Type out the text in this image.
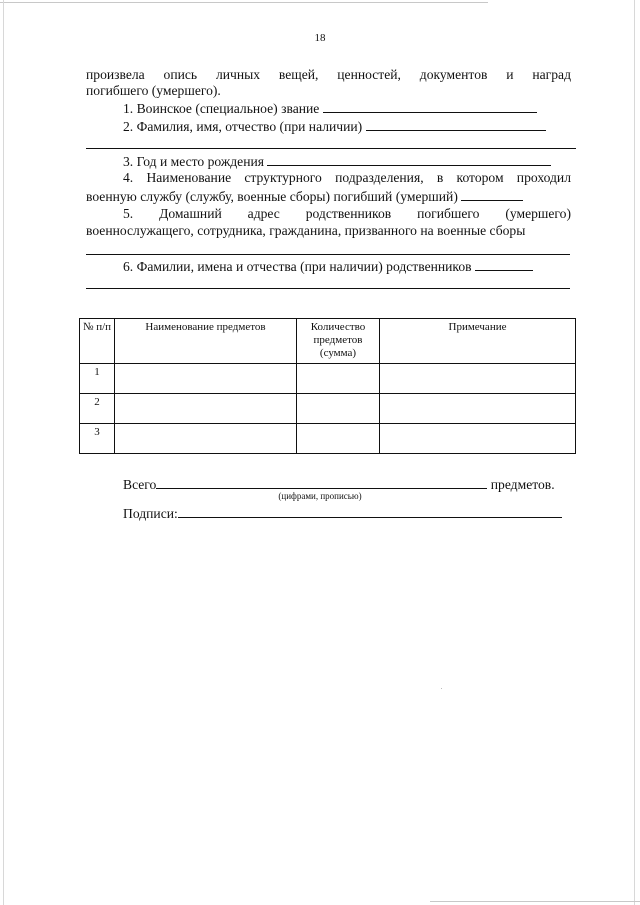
18
произвела опись личных вещей, ценностей, документов и наград
погибшего (умершего).
1. Воинское (специальное) звание
2. Фамилия, имя, отчество (при наличии)
3. Год и место рождения
4. Наименование структурного подразделения, в котором проходил
военную службу (службу, военные сборы) погибший (умерший)
5. Домашний адрес родственников погибшего (умершего)
военнослужащего, сотрудника, гражданина, призванного на военные сборы
6. Фамилии, имена и отчества (при наличии) родственников
№ п/п	Наименование предметов	Количество предметов (сумма)	Примечание
1			
2			
3			
Всего	предметов.
(цифрами, прописью)
Подписи:
